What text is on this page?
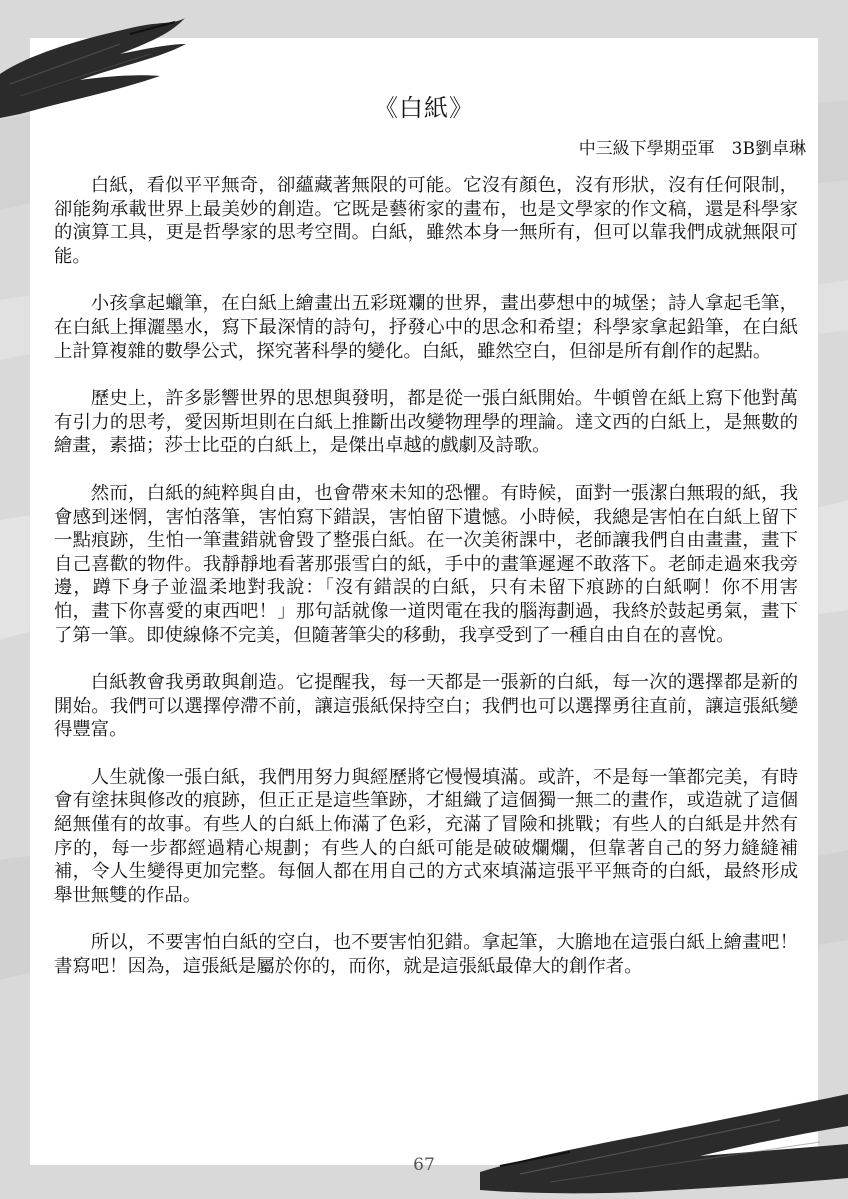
《白紙》
中三級下學期亞軍　3B劉卓琳

白紙，看似平平無奇，卻蘊藏著無限的可能。它沒有顏色，沒有形狀，沒有任何限制，卻能夠承載世界上最美妙的創造。它既是藝術家的畫布，也是文學家的作文稿，還是科學家的演算工具，更是哲學家的思考空間。白紙，雖然本身一無所有，但可以靠我們成就無限可能。

小孩拿起蠟筆，在白紙上繪畫出五彩斑斕的世界，畫出夢想中的城堡；詩人拿起毛筆，在白紙上揮灑墨水，寫下最深情的詩句，抒發心中的思念和希望；科學家拿起鉛筆，在白紙上計算複雜的數學公式，探究著科學的變化。白紙，雖然空白，但卻是所有創作的起點。

歷史上，許多影響世界的思想與發明，都是從一張白紙開始。牛頓曾在紙上寫下他對萬有引力的思考，愛因斯坦則在白紙上推斷出改變物理學的理論。達文西的白紙上，是無數的繪畫，素描；莎士比亞的白紙上，是傑出卓越的戲劇及詩歌。

然而，白紙的純粹與自由，也會帶來未知的恐懼。有時候，面對一張潔白無瑕的紙，我會感到迷惘，害怕落筆，害怕寫下錯誤，害怕留下遺憾。小時候，我總是害怕在白紙上留下一點痕跡，生怕一筆畫錯就會毀了整張白紙。在一次美術課中，老師讓我們自由畫畫，畫下自己喜歡的物件。我靜靜地看著那張雪白的紙，手中的畫筆遲遲不敢落下。老師走過來我旁邊，蹲下身子並溫柔地對我說：「沒有錯誤的白紙，只有未留下痕跡的白紙啊！你不用害怕，畫下你喜愛的東西吧！」那句話就像一道閃電在我的腦海劃過，我終於鼓起勇氣，畫下了第一筆。即使線條不完美，但隨著筆尖的移動，我享受到了一種自由自在的喜悅。

白紙教會我勇敢與創造。它提醒我，每一天都是一張新的白紙，每一次的選擇都是新的開始。我們可以選擇停滯不前，讓這張紙保持空白；我們也可以選擇勇往直前，讓這張紙變得豐富。

人生就像一張白紙，我們用努力與經歷將它慢慢填滿。或許，不是每一筆都完美，有時會有塗抹與修改的痕跡，但正正是這些筆跡，才組織了這個獨一無二的畫作，或造就了這個絕無僅有的故事。有些人的白紙上佈滿了色彩，充滿了冒險和挑戰；有些人的白紙是井然有序的，每一步都經過精心規劃；有些人的白紙可能是破破爛爛，但靠著自己的努力縫縫補補，令人生變得更加完整。每個人都在用自己的方式來填滿這張平平無奇的白紙，最終形成舉世無雙的作品。

所以，不要害怕白紙的空白，也不要害怕犯錯。拿起筆，大膽地在這張白紙上繪畫吧！書寫吧！因為，這張紙是屬於你的，而你，就是這張紙最偉大的創作者。

67
